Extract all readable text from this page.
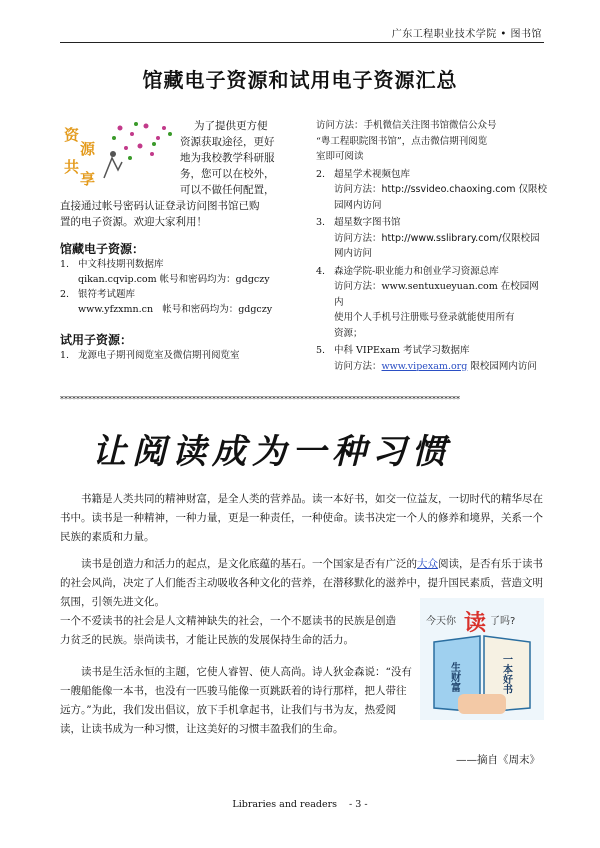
广东工程职业技术学院 • 图书馆
馆藏电子资源和试用电子资源汇总
资
源
共
享
为了提供更方便
资源获取途径，更好
地为我校教学科研服
务，您可以在校外，
可以不做任何配置，
直接通过帐号密码认证登录访问图书馆已购
置的电子资源。欢迎大家利用！
馆藏电子资源：
1. 中文科技期刊数据库
qikan.cqvip.com 帐号和密码均为：gdgczy
2. 银符考试题库
www.yfzxmn.cn 帐号和密码均为：gdgczy
试用子资源：
1. 龙源电子期刊阅览室及微信期刊阅览室
访问方法：手机微信关注图书馆微信公众号
“粤工程职院图书馆”，点击微信期刊阅览
室即可阅读
2. 超星学术视频包库
访问方法：http://ssvideo.chaoxing.com 仅限校
园网内访问
3. 超星数字图书馆
访问方法：http://www.sslibrary.com/仅限校园
网内访问
4. 森途学院-职业能力和创业学习资源总库
访问方法：www.sentuxueyuan.com 在校园网内
使用个人手机号注册账号登录就能使用所有
资源；
5. 中科 VIPExam 考试学习数据库
访问方法：www.vipexam.org 限校园网内访问
****************************************************************************************************
让阅读成为一种习惯

书籍是人类共同的精神财富，是全人类的营养品。读一本好书，如交一位益友，一切时代的精华尽在书中。读书是一种精神，一种力量，更是一种责任，一种使命。读书决定一个人的修养和境界，关系一个民族的素质和力量。

读书是创造力和活力的起点，是文化底蕴的基石。一个国家是否有广泛的大众阅读，是否有乐于读书的社会风尚，决定了人们能否主动吸收各种文化的营养，在潜移默化的滋养中，提升国民素质，营造文明氛围，引领先进文化。

一个不爱读书的社会是人文精神缺失的社会，一个不愿读书的民族是创造力贫乏的民族。崇尚读书，才能让民族的发展保持生命的活力。

读书是生活永恒的主题，它使人睿智、使人高尚。诗人狄金森说：“没有一艘船能像一本书，也没有一匹骏马能像一页跳跃着的诗行那样，把人带往远方。”为此，我们发出倡议，放下手机拿起书，让我们与书为友，热爱阅读，让读书成为一种习惯，让这美好的习惯丰盈我们的生命。

今天你 读 了吗?
生财富	一本好书
——摘自《周末》
Libraries and readers    - 3 -
